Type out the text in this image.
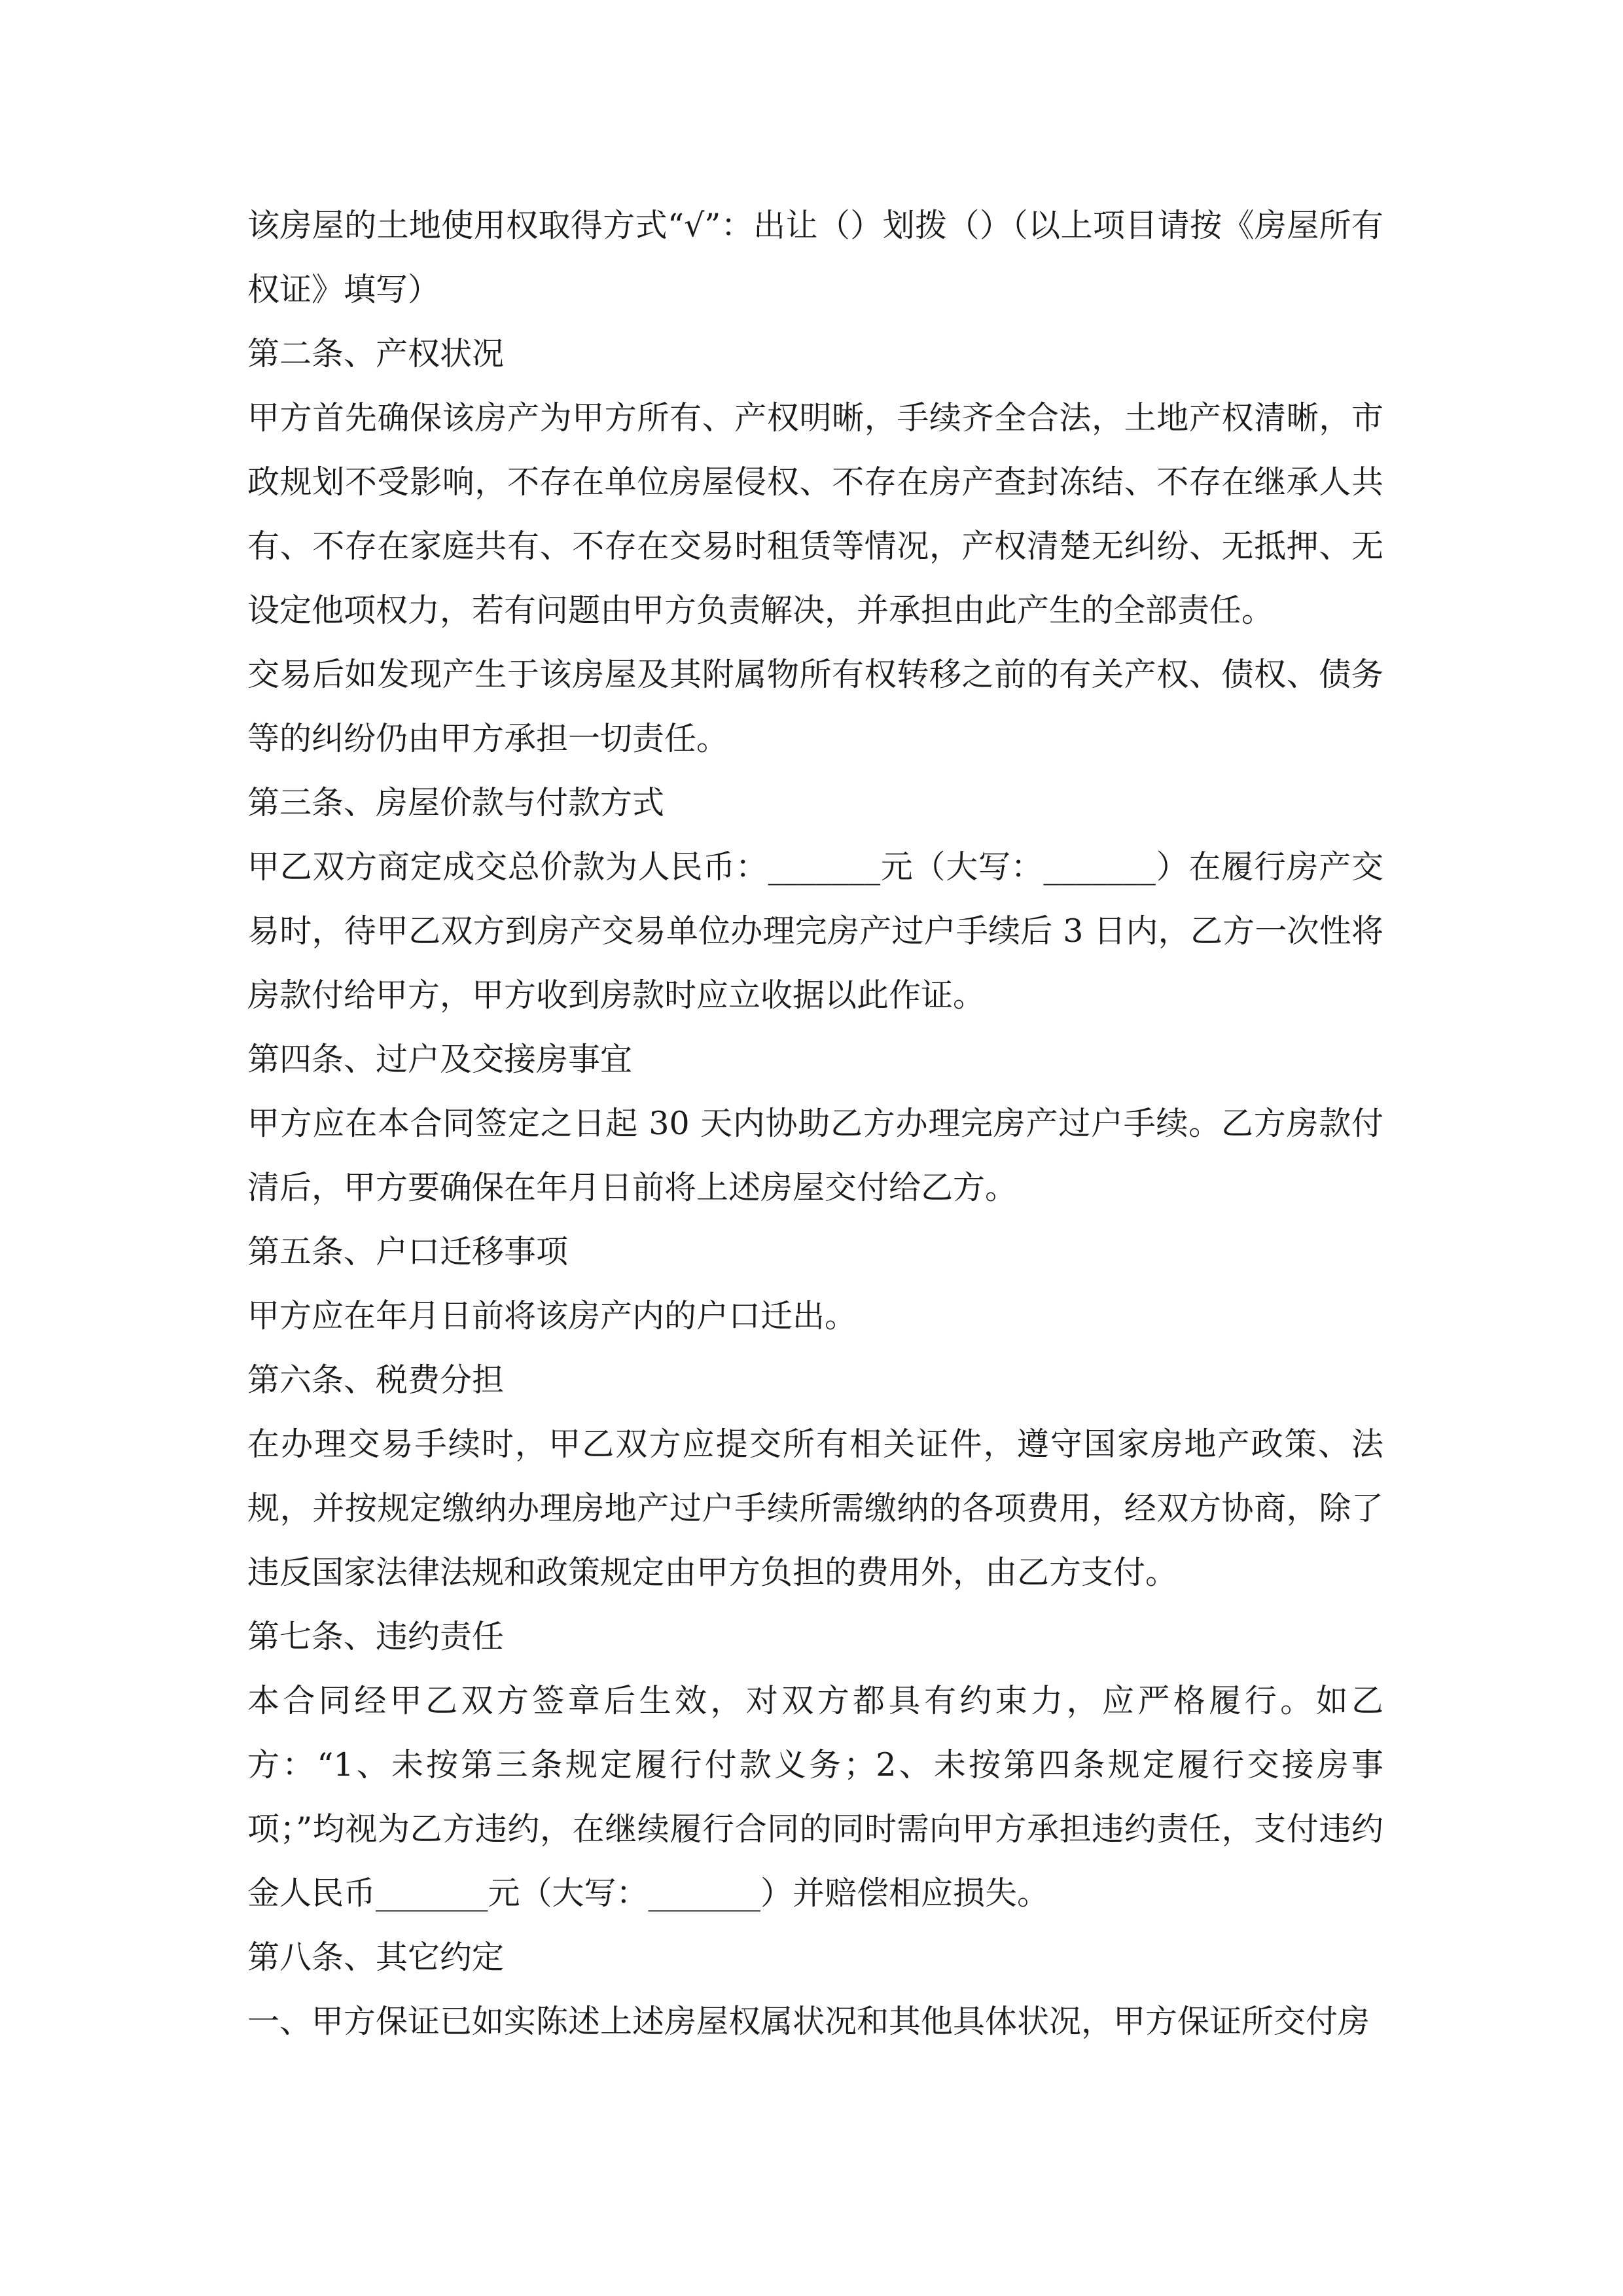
该房屋的土地使用权取得方式“√”：出让（）划拨（）（以上项目请按《房屋所有权证》填写）

第二条、产权状况

甲方首先确保该房产为甲方所有、产权明晰，手续齐全合法，土地产权清晰，市政规划不受影响，不存在单位房屋侵权、不存在房产查封冻结、不存在继承人共有、不存在家庭共有、不存在交易时租赁等情况，产权清楚无纠纷、无抵押、无设定他项权力，若有问题由甲方负责解决，并承担由此产生的全部责任。

交易后如发现产生于该房屋及其附属物所有权转移之前的有关产权、债权、债务等的纠纷仍由甲方承担一切责任。

第三条、房屋价款与付款方式

甲乙双方商定成交总价款为人民币：_______元（大写：_______）在履行房产交易时，待甲乙双方到房产交易单位办理完房产过户手续后 3 日内，乙方一次性将房款付给甲方，甲方收到房款时应立收据以此作证。

第四条、过户及交接房事宜

甲方应在本合同签定之日起 30 天内协助乙方办理完房产过户手续。乙方房款付清后，甲方要确保在年月日前将上述房屋交付给乙方。

第五条、户口迁移事项

甲方应在年月日前将该房产内的户口迁出。

第六条、税费分担

在办理交易手续时，甲乙双方应提交所有相关证件，遵守国家房地产政策、法规，并按规定缴纳办理房地产过户手续所需缴纳的各项费用，经双方协商，除了违反国家法律法规和政策规定由甲方负担的费用外，由乙方支付。

第七条、违约责任

本合同经甲乙双方签章后生效，对双方都具有约束力，应严格履行。如乙方：“1、未按第三条规定履行付款义务；2、未按第四条规定履行交接房事项；”均视为乙方违约，在继续履行合同的同时需向甲方承担违约责任，支付违约金人民币_______元（大写：_______）并赔偿相应损失。

第八条、其它约定

一、甲方保证已如实陈述上述房屋权属状况和其他具体状况，甲方保证所交付房
